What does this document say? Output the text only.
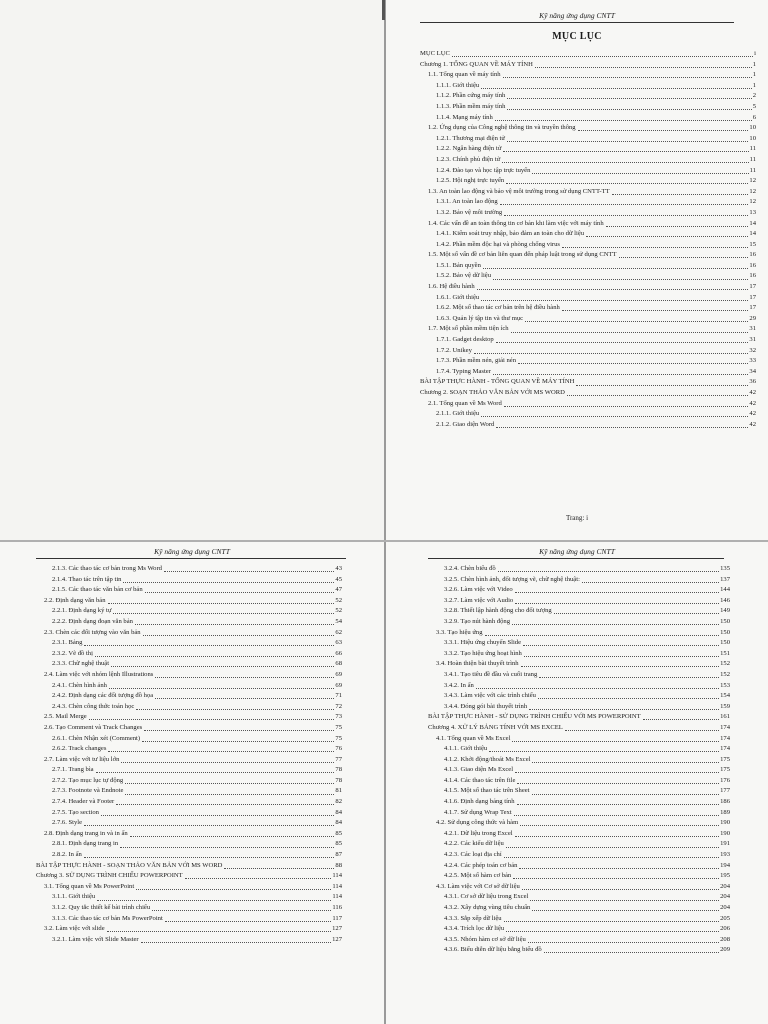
Kỹ năng ứng dụng CNTT
MỤC LỤC
MỤC LỤC	i
Chương 1. TỔNG QUAN VỀ MÁY TÍNH	1
1.1. Tổng quan về máy tính	1
1.1.1. Giới thiệu	1
1.1.2. Phần cứng máy tính	2
1.1.3. Phần mềm máy tính	5
1.1.4. Mạng máy tính	6
1.2. Ứng dụng của Công nghệ thông tin và truyền thông	10
1.2.1. Thương mại điện tử	10
1.2.2. Ngân hàng điện tử	11
1.2.3. Chính phủ điện tử	11
1.2.4. Đào tạo và học tập trực tuyến	11
1.2.5. Hội nghị trực tuyến	12
1.3. An toàn lao động và bảo vệ môi trường trong sử dụng CNTT-TT	12
1.3.1. An toàn lao động	12
1.3.2. Bảo vệ môi trường	13
1.4. Các vấn đề an toàn thông tin cơ bản khi làm việc với máy tính	14
1.4.1. Kiểm soát truy nhập, bảo đảm an toàn cho dữ liệu	14
1.4.2. Phần mềm độc hại và phòng chống virus	15
1.5. Một số vấn đề cơ bản liên quan đến pháp luật trong sử dụng CNTT	16
1.5.1. Bản quyền	16
1.5.2. Bảo vệ dữ liệu	16
1.6. Hệ điều hành	17
1.6.1. Giới thiệu	17
1.6.2. Một số thao tác cơ bản trên hệ điều hành	17
1.6.3. Quản lý tập tin và thư mục	29
1.7. Một số phần mềm tiện ích	31
1.7.1. Gadget desktop	31
1.7.2. Unikey	32
1.7.3. Phần mềm nén, giải nén	33
1.7.4. Typing Master	34
BÀI TẬP THỰC HÀNH - TỔNG QUAN VỀ MÁY TÍNH	36
Chương 2. SOẠN THẢO VĂN BẢN VỚI MS WORD	42
2.1. Tổng quan về Ms Word	42
2.1.1. Giới thiệu	42
2.1.2. Giao diện Word	42
Trang: i
Kỹ năng ứng dụng CNTT
2.1.3. Các thao tác cơ bản trong Ms Word	43
2.1.4. Thao tác trên tập tin	45
2.1.5. Các thao tác văn bản cơ bản	47
2.2. Định dạng văn bản	52
2.2.1. Định dạng ký tự	52
2.2.2. Định dạng đoạn văn bản	54
2.3. Chèn các đối tượng vào văn bản	62
2.3.1. Bảng	63
2.3.2. Vẽ đồ thị	66
2.3.3. Chữ nghệ thuật	68
2.4. Làm việc với nhóm lệnh Illustrations	69
2.4.1. Chèn hình ảnh	69
2.4.2. Định dạng các đối tượng đồ họa	71
2.4.3. Chèn công thức toán học	72
2.5. Mail Merge	73
2.6. Tạo Comment và Track Changes	75
2.6.1. Chèn Nhận xét (Comment)	75
2.6.2. Track changes	76
2.7. Làm việc với tư liệu lớn	77
2.7.1. Trang bìa	78
2.7.2. Tạo mục lục tự động	78
2.7.3. Footnote và Endnote	81
2.7.4. Header và Footer	82
2.7.5. Tạo section	84
2.7.6. Style	84
2.8. Định dạng trang in và in ấn	85
2.8.1. Định dạng trang in	85
2.8.2. In ấn	87
BÀI TẬP THỰC HÀNH - SOẠN THẢO VĂN BẢN VỚI MS WORD	88
Chương 3. SỬ DỤNG TRÌNH CHIẾU POWERPOINT	114
3.1. Tổng quan về Ms PowerPoint	114
3.1.1. Giới thiệu	114
3.1.2. Quy tắc thiết kế bài trình chiếu	116
3.1.3. Các thao tác cơ bản Ms PowerPoint	117
3.2. Làm việc với slide	127
3.2.1. Làm việc với Slide Master	127
Kỹ năng ứng dụng CNTT
3.2.4. Chèn biểu đồ	135
3.2.5. Chèn hình ảnh, đối tượng vẽ, chữ nghệ thuật:	137
3.2.6. Làm việc với Video	144
3.2.7. Làm việc với Audio	146
3.2.8. Thiết lập hành động cho đối tượng	149
3.2.9. Tạo nút hành động	150
3.3. Tạo hiệu ứng	150
3.3.1. Hiệu ứng chuyển Slide	150
3.3.2. Tạo hiệu ứng hoạt hình	151
3.4. Hoàn thiện bài thuyết trình	152
3.4.1. Tạo tiêu đề đầu và cuối trang	152
3.4.2. In ấn	153
3.4.3. Làm việc với các trình chiếu	154
3.4.4. Đóng gói bài thuyết trình	159
BÀI TẬP THỰC HÀNH - SỬ DỤNG TRÌNH CHIẾU VỚI MS POWERPOINT	161
Chương 4. XỬ LÝ BẢNG TÍNH VỚI MS EXCEL	174
4.1. Tổng quan về Ms Excel	174
4.1.1. Giới thiệu	174
4.1.2. Khởi động/thoát Ms Excel	175
4.1.3. Giao diện Ms Excel	175
4.1.4. Các thao tác trên file	176
4.1.5. Một số thao tác trên Sheet	177
4.1.6. Định dạng bảng tính	186
4.1.7. Sử dụng Wrap Text	189
4.2. Sử dụng công thức và hàm	190
4.2.1. Dữ liệu trong Excel	190
4.2.2. Các kiểu dữ liệu	191
4.2.3. Các loại địa chỉ	193
4.2.4. Các phép toán cơ bản	194
4.2.5. Một số hàm cơ bản	195
4.3. Làm việc với Cơ sở dữ liệu	204
4.3.1. Cơ sở dữ liệu trong Excel	204
4.3.2. Xây dựng vùng tiêu chuẩn	204
4.3.3. Sắp xếp dữ liệu	205
4.3.4. Trích lọc dữ liệu	206
4.3.5. Nhóm hàm cơ sở dữ liệu	208
4.3.6. Biểu diễn dữ liệu bằng biểu đồ	209
